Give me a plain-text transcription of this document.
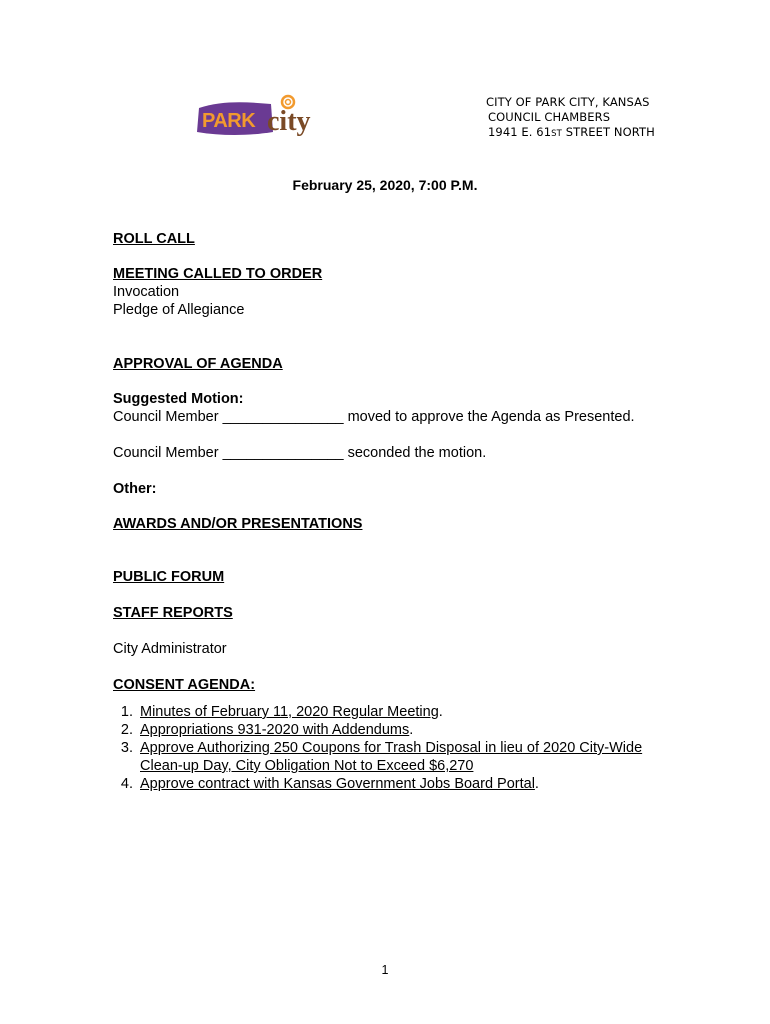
PARK city
CITY OF PARK CITY, KANSAS
COUNCIL CHAMBERS
1941 E. 61ST STREET NORTH
February 25, 2020, 7:00 P.M.
ROLL CALL
MEETING CALLED TO ORDER
Invocation
Pledge of Allegiance
APPROVAL OF AGENDA
Suggested Motion:
Council Member _______________ moved to approve the Agenda as Presented.
Council Member _______________ seconded the motion.
Other:
AWARDS AND/OR PRESENTATIONS
PUBLIC FORUM
STAFF REPORTS
City Administrator
CONSENT AGENDA:
1. Minutes of February 11, 2020 Regular Meeting.
2. Appropriations 931-2020 with Addendums.
3. Approve Authorizing 250 Coupons for Trash Disposal in lieu of 2020 City-Wide Clean-up Day, City Obligation Not to Exceed $6,270
4. Approve contract with Kansas Government Jobs Board Portal.
1
